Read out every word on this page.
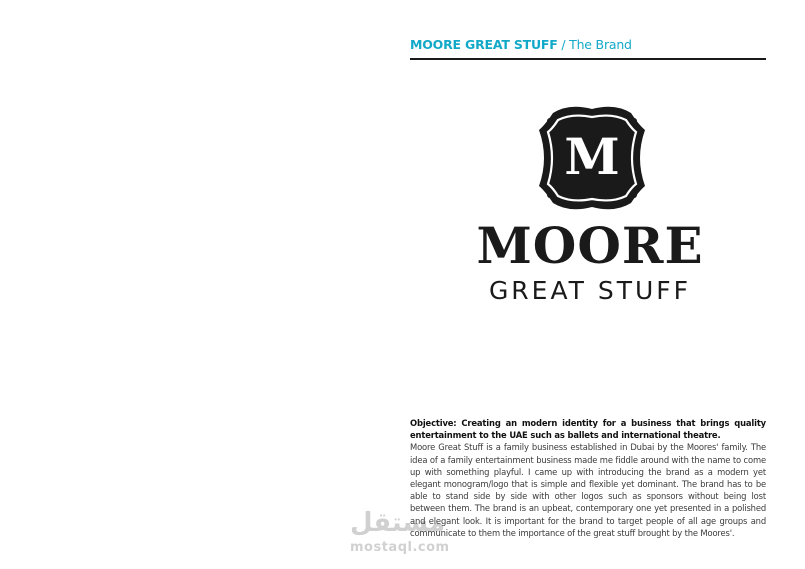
MOORE GREAT STUFF / The Brand
M
MOORE
GREAT STUFF
Objective: Creating an modern identity for a business that brings quality entertainment to the UAE such as ballets and international theatre.
Moore Great Stuff is a family business established in Dubai by the Moores' family. The idea of a family entertainment business made me fiddle around with the name to come up with something playful. I came up with introducing the brand as a modern yet elegant monogram/logo that is simple and flexible yet dominant. The brand has to be able to stand side by side with other logos such as sponsors without being lost between them. The brand is an upbeat, contemporary one yet presented in a polished and elegant look. It is important for the brand to target people of all age groups and communicate to them the importance of the great stuff brought by the Moores'.
مستقل
mostaql.com
